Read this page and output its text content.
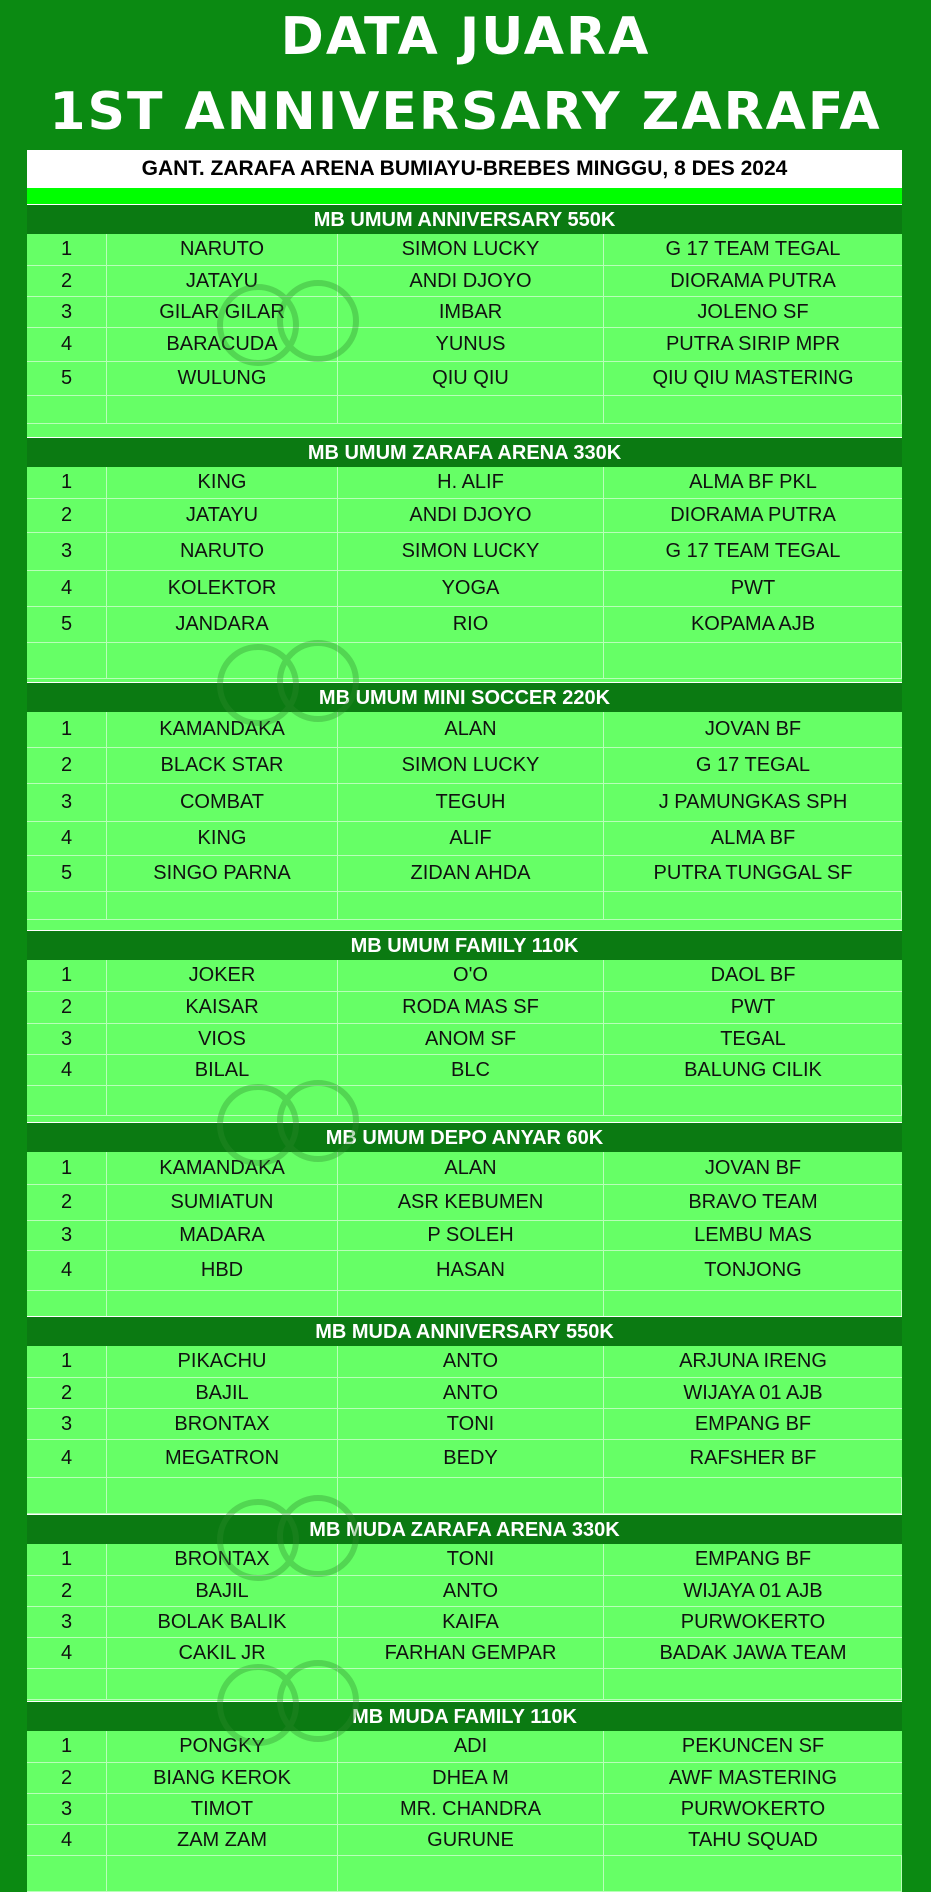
DATA JUARA
1ST ANNIVERSARY ZARAFA
GANT. ZARAFA ARENA BUMIAYU-BREBES MINGGU, 8 DES 2024
MB UMUM ANNIVERSARY 550K
1	NARUTO	SIMON LUCKY	G 17 TEAM TEGAL
2	JATAYU	ANDI DJOYO	DIORAMA PUTRA
3	GILAR GILAR	IMBAR	JOLENO SF
4	BARACUDA	YUNUS	PUTRA SIRIP MPR
5	WULUNG	QIU QIU	QIU QIU MASTERING
MB UMUM ZARAFA ARENA 330K
1	KING	H. ALIF	ALMA BF PKL
2	JATAYU	ANDI DJOYO	DIORAMA PUTRA
3	NARUTO	SIMON LUCKY	G 17 TEAM TEGAL
4	KOLEKTOR	YOGA	PWT
5	JANDARA	RIO	KOPAMA AJB
MB UMUM MINI SOCCER 220K
1	KAMANDAKA	ALAN	JOVAN BF
2	BLACK STAR	SIMON LUCKY	G 17 TEGAL
3	COMBAT	TEGUH	J PAMUNGKAS SPH
4	KING	ALIF	ALMA BF
5	SINGO PARNA	ZIDAN AHDA	PUTRA TUNGGAL SF
MB UMUM FAMILY 110K
1	JOKER	O'O	DAOL BF
2	KAISAR	RODA MAS SF	PWT
3	VIOS	ANOM SF	TEGAL
4	BILAL	BLC	BALUNG CILIK
MB UMUM DEPO ANYAR 60K
1	KAMANDAKA	ALAN	JOVAN BF
2	SUMIATUN	ASR KEBUMEN	BRAVO TEAM
3	MADARA	P SOLEH	LEMBU MAS
4	HBD	HASAN	TONJONG
MB MUDA ANNIVERSARY 550K
1	PIKACHU	ANTO	ARJUNA IRENG
2	BAJIL	ANTO	WIJAYA 01 AJB
3	BRONTAX	TONI	EMPANG BF
4	MEGATRON	BEDY	RAFSHER BF
MB MUDA ZARAFA ARENA 330K
1	BRONTAX	TONI	EMPANG BF
2	BAJIL	ANTO	WIJAYA 01 AJB
3	BOLAK BALIK	KAIFA	PURWOKERTO
4	CAKIL JR	FARHAN GEMPAR	BADAK JAWA TEAM
MB MUDA FAMILY 110K
1	PONGKY	ADI	PEKUNCEN SF
2	BIANG KEROK	DHEA M	AWF MASTERING
3	TIMOT	MR. CHANDRA	PURWOKERTO
4	ZAM ZAM	GURUNE	TAHU SQUAD
